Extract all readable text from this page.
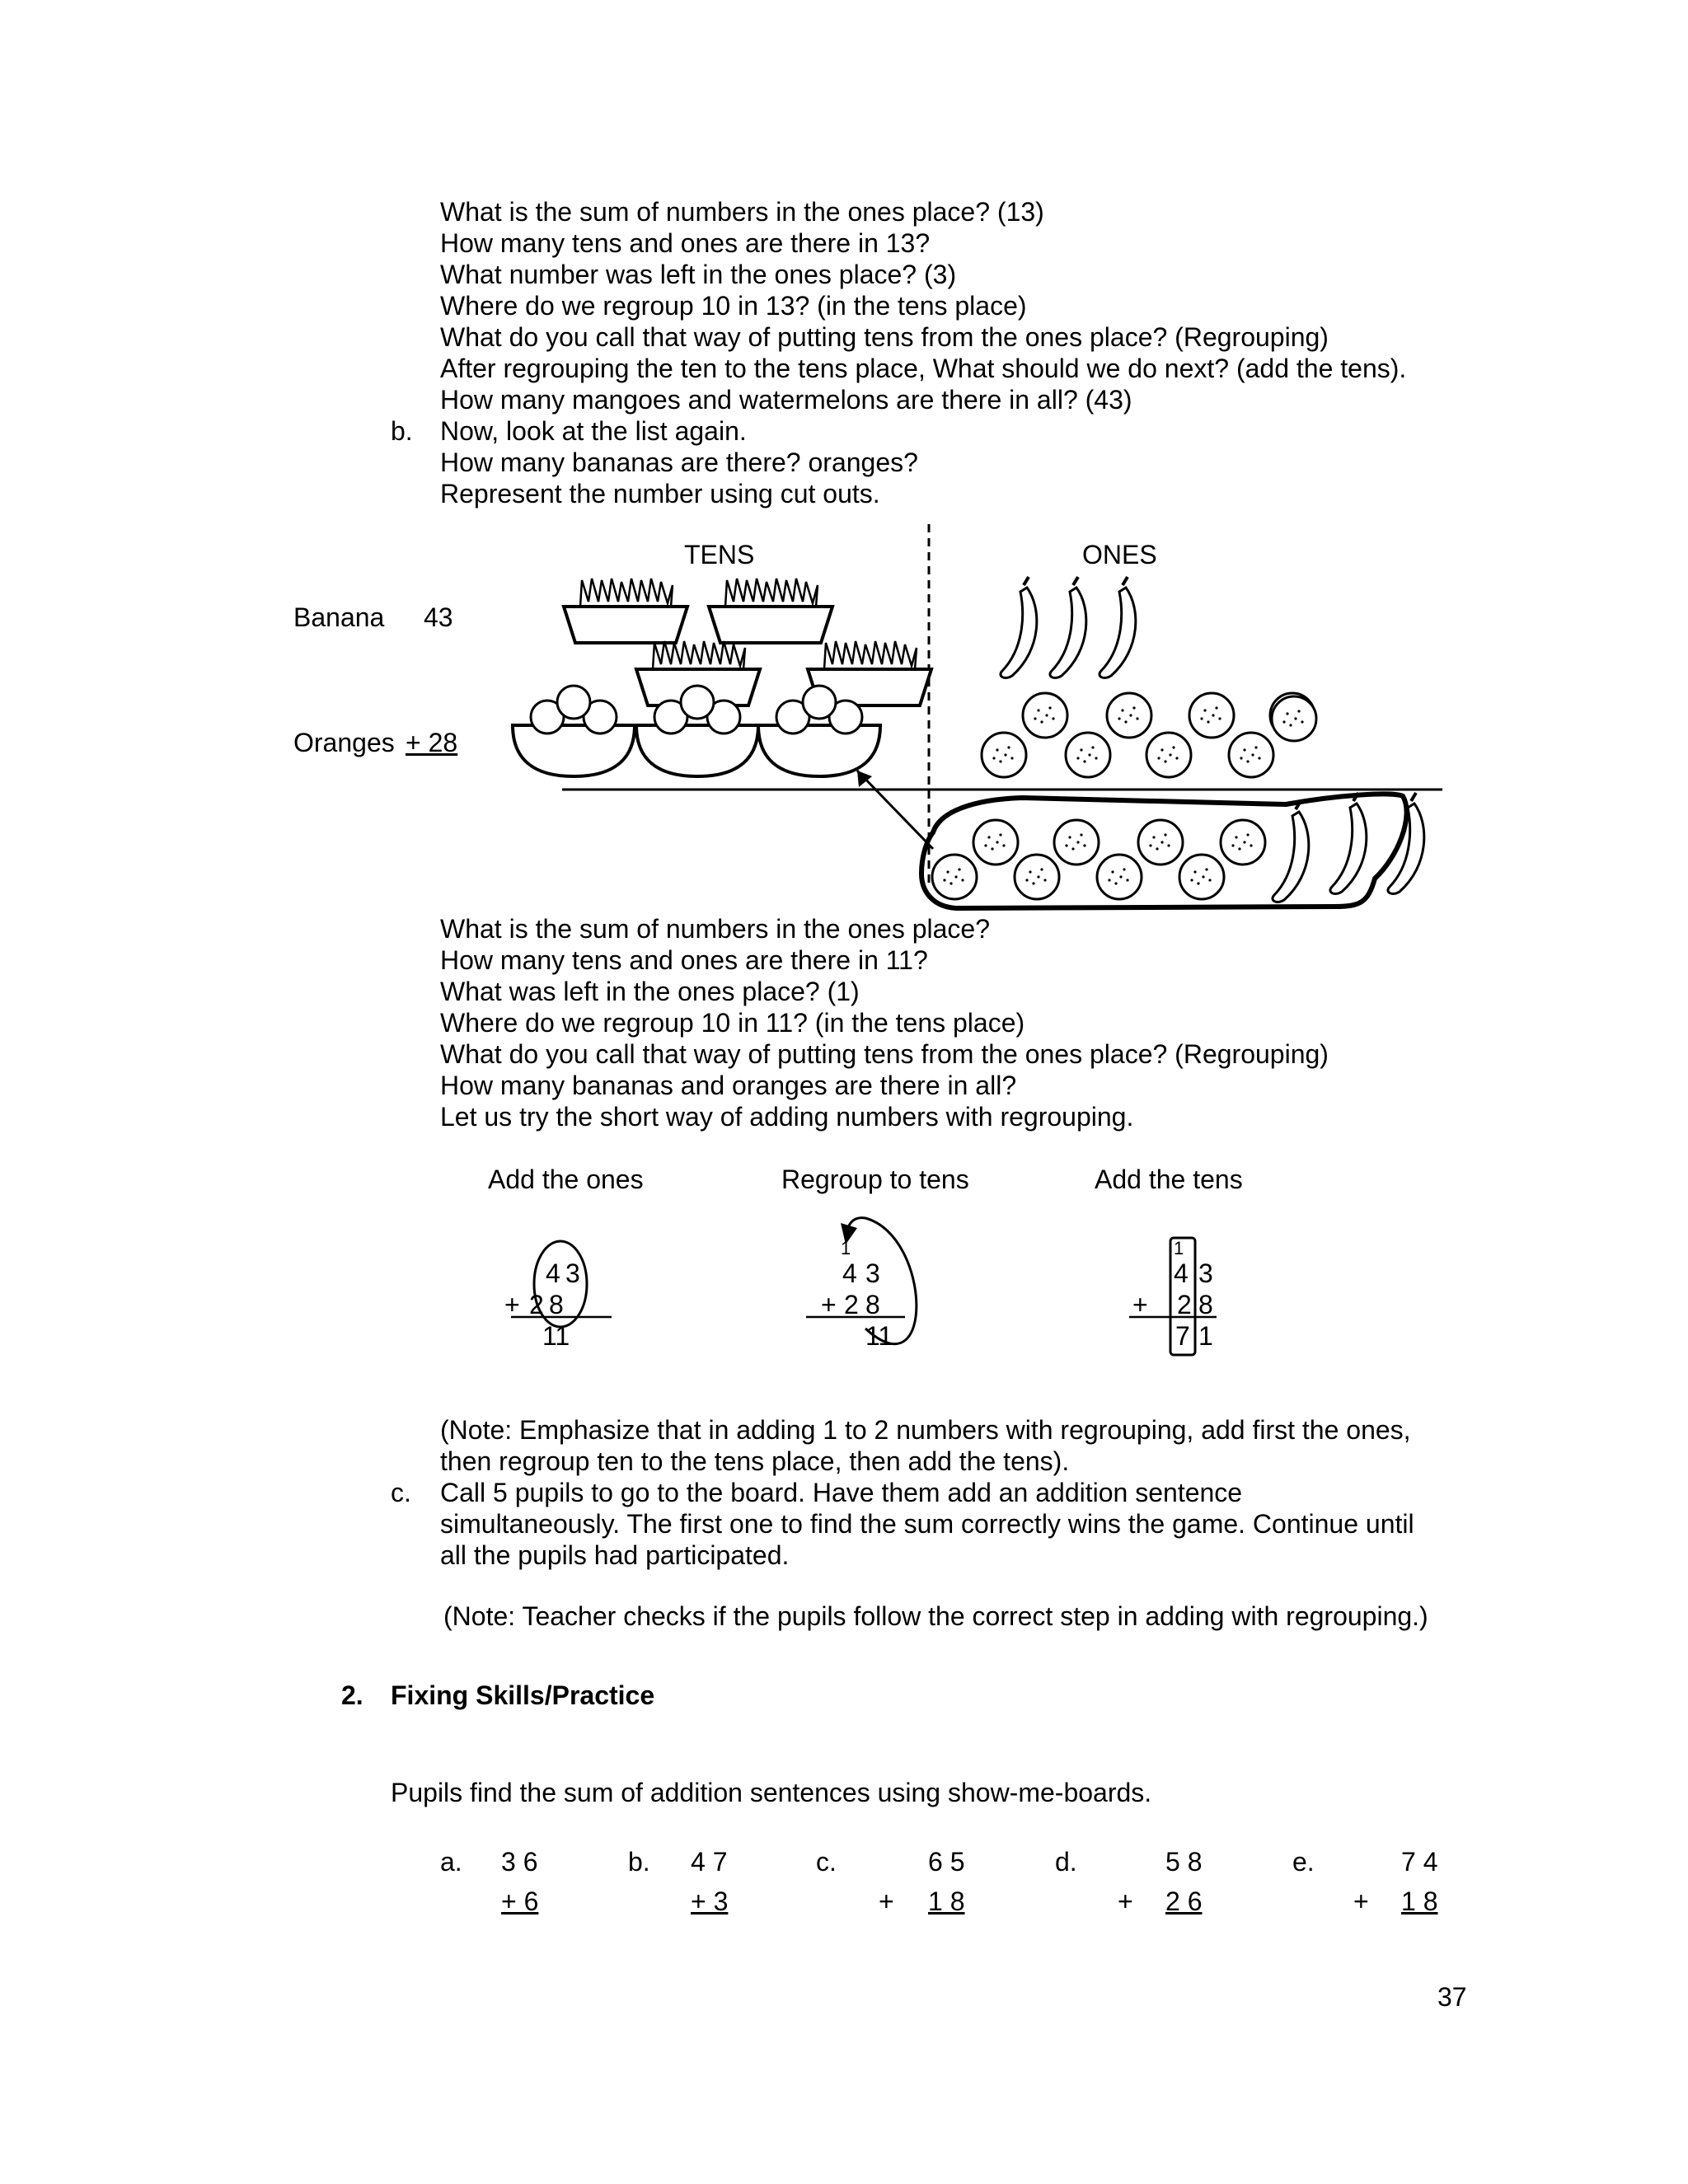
What is the sum of numbers in the ones place? (13)
How many tens and ones are there in 13?
What number was left in the ones place? (3)
Where do we regroup 10 in 13? (in the tens place)
What do you call that way of putting tens from the ones place? (Regrouping)
After regrouping the ten to the tens place, What should we do next? (add the tens).
How many mangoes and watermelons are there in all? (43)
b. Now, look at the list again.
How many bananas are there? oranges?
Represent the number using cut outs.
TENS	ONES
Banana 43
Oranges + 28
What is the sum of numbers in the ones place?
How many tens and ones are there in 11?
What was left in the ones place? (1)
Where do we regroup 10 in 11? (in the tens place)
What do you call that way of putting tens from the ones place? (Regrouping)
How many bananas and oranges are there in all?
Let us try the short way of adding numbers with regrouping.
Add the ones	Regroup to tens	Add the tens
4 3
+ 2 8
11
1
4 3
+ 2 8
11
1
4 3
+ 2 8
7 1
(Note: Emphasize that in adding 1 to 2 numbers with regrouping, add first the ones,
then regroup ten to the tens place, then add the tens).
c. Call 5 pupils to go to the board. Have them add an addition sentence
simultaneously. The first one to find the sum correctly wins the game. Continue until
all the pupils had participated.
(Note: Teacher checks if the pupils follow the correct step in adding with regrouping.)
2. Fixing Skills/Practice
Pupils find the sum of addition sentences using show-me-boards.
a. 3 6
+ 6
b. 4 7
+ 3
c.	6 5
+ 1 8
d.	5 8
+ 2 6
e.	7 4
+ 1 8
37
